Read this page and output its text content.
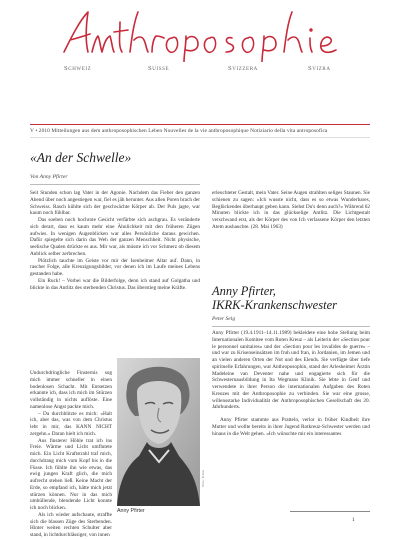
Schweiz	Suisse	Svizzera	Svizra
V • 2010 Mitteilungen aus dem anthroposophischen Leben Nouvelles de la vie anthroposophique Notiziario della vita antroposofica
«An der Schwelle»
Von Anny Pfirter

Seit Stunden schon lag Vater in der Agonie. Nachdem das Fieber den ganzen Abend über noch angestiegen war, fiel es jäh herunter. Aus allen Poren brach der Schweiss. Rasch kühlte sich der geschwächte Körper ab. Der Puls jagte, war kaum noch fühlbar.

Das soeben noch hochrote Gesicht verfärbte sich aschgrau. Es veränderte sich derart, dass es kaum mehr eine Ähnlichkeit mit den früheren Zügen aufwies. In wenigen Augenblicken war alles Persönliche daraus gewichen. Dafür spiegelte sich darin das Weh der ganzen Menschheit. Nicht physische, seelische Qualen drückte es aus. Mir war, als müsste ich vor Schmerz ob diesem Anblick selber zerbrechen.

Plötzlich tauchte im Geiste vor mir der Isenheimer Altar auf. Dann, in rascher Folge, alle Kreuzigungsbilder, vor denen ich im Laufe meines Lebens gestanden habe.

Ein Ruck! – Vorbei war die Bilderfolge, denn ich stand auf Golgatha und blickte in das Antlitz des sterbenden Christus. Das überstieg meine Kräfte.

Undurchdringliche Finsternis sog mich immer schneller in einen bodenlosen Schacht. Mit Entsetzen erkannte ich, dass ich mich im Stürzen vollständig in nichts auflöste. Eine namenlose Angst packte mich.

– Da durchblitzte es mich: «Halt ich, aber das, was von dem Christus lebt in mir, das KANN NICHT zergehn.» Daran hielt ich mich.

Aus finsterer Höhle trat ich ins Freie. Wärme und Licht umflutete mich. Ein Licht Kraftstrahl traf mich, durchdrang mich vom Kopf bis in die Füsse. Ich fühlte ihn wie etwas, das ewig jungen Kraft glich, die mich aufrecht stehen ließ. Keine Macht der Erde, so empfand ich, hätte mich jetzt stürzen können. Nur in das mich umhüllende, blendende Licht konnte ich noch blicken.

Als ich wieder aufschaute, straffte sich die blassen Züge des Sterbenden. Hinter weiten rechten Schulter aber stand, in lichtdurchlässiger, von innen

Foto: Privat
Anny Pfirter

erleuchteter Gestalt, mein Vater. Seine Augen strahlten seliges Staunen. Sie schienen zu sagen: «Ich wusste nicht, dass es so etwas Wunderbares, Beglückendes überhaupt geben kann. Siehst Du's denn auch?» Während 62 Minuten blickte ich in das glückselige Antlitz. Die Lichtgestalt verschwand erst, als der Körper des von Ich verlassene Körper den letzten Atem aushauchte. (28. Mai 1963)

Anny Pfirter,
IKRK-Krankenschwester
Peter Selg

Anny Pfirter (19.4.1911–14.11.1989) bekleidete eine hohe Stellung beim Internationalen Komitee vom Roten Kreuz – als Leiterin der «Section pour le personnel sanitaires» und der «Section pour les invalides de guerre» – und war zu Krisenseinsätzen im fruh und fran, in Jordanien, im Jemen und an vielen anderen Orten der Not und des Elends. Sie verfügte über tiefe spirituelle Erfahrungen, war Anthroposophin, stand der Arlesheimer Ärztin Madeleine van Deventer nahe und engagierte sich für die Schwesternausbildung in Ita Wegmans Klinik. Sie lebte in Genf und verwendete in ihrer Person die internationalen Aufgaben des Roten Kreuzes mit der Anthroposophie zu verbinden. Sie war eine grosse, willensstarke Individualität der Anthroposophischen Gesellschaft des 20. Jahrhunderts.

Anny Pfirter stammte aus Pratteln, verlor in früher Kindheit ihre Mutter und wollte bereits in ihrer Jugend Rotkreuz-Schwester werden und hinaus in die Welt gehen. «Ich wünschte mir ein interessantes

1
